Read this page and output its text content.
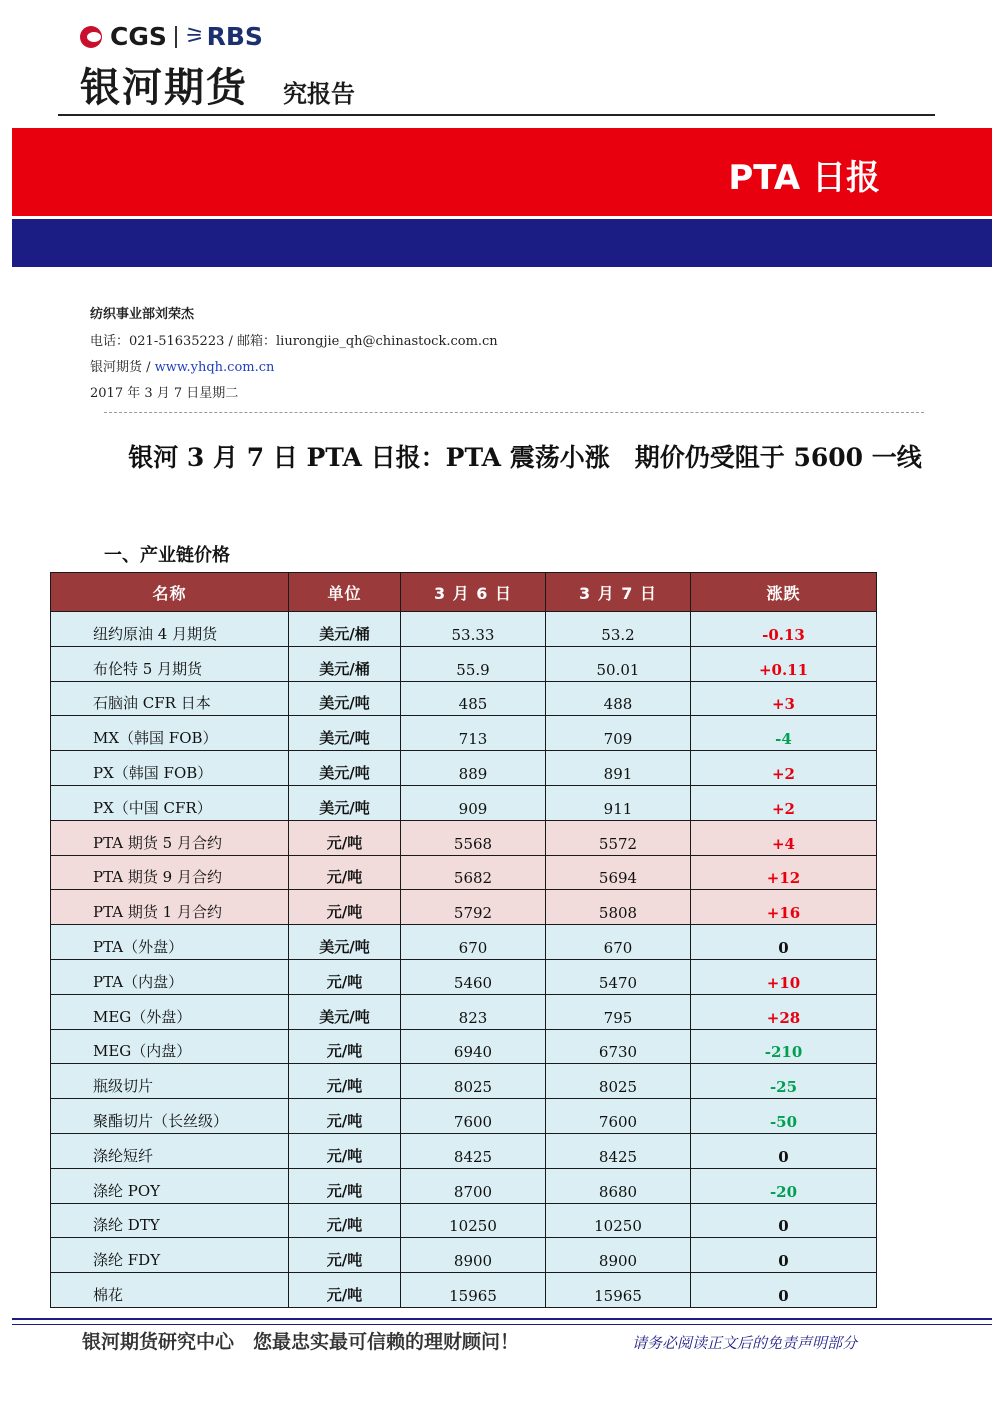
CGS ⚞ RBS
银河期货 究报告
PTA 日报
纺织事业部刘荣杰
电话：021-51635223 / 邮箱：liurongjie_qh@chinastock.com.cn
银河期货 / www.yhqh.com.cn
2017 年 3 月 7 日星期二
银河 3 月 7 日 PTA 日报：PTA 震荡小涨　期价仍受阻于 5600 一线
一、产业链价格
名称	单位	3 月 6 日	3 月 7 日	涨跌
纽约原油 4 月期货	美元/桶	53.33	53.2	-0.13
布伦特 5 月期货	美元/桶	55.9	50.01	+0.11
石脑油 CFR 日本	美元/吨	485	488	+3
MX（韩国 FOB）	美元/吨	713	709	-4
PX（韩国 FOB）	美元/吨	889	891	+2
PX（中国 CFR）	美元/吨	909	911	+2
PTA 期货 5 月合约	元/吨	5568	5572	+4
PTA 期货 9 月合约	元/吨	5682	5694	+12
PTA 期货 1 月合约	元/吨	5792	5808	+16
PTA（外盘）	美元/吨	670	670	0
PTA（内盘）	元/吨	5460	5470	+10
MEG（外盘）	美元/吨	823	795	+28
MEG（内盘）	元/吨	6940	6730	-210
瓶级切片	元/吨	8025	8025	-25
聚酯切片（长丝级）	元/吨	7600	7600	-50
涤纶短纤	元/吨	8425	8425	0
涤纶 POY	元/吨	8700	8680	-20
涤纶 DTY	元/吨	10250	10250	0
涤纶 FDY	元/吨	8900	8900	0
棉花	元/吨	15965	15965	0
银河期货研究中心　您最忠实最可信赖的理财顾问！	请务必阅读正文后的免责声明部分
